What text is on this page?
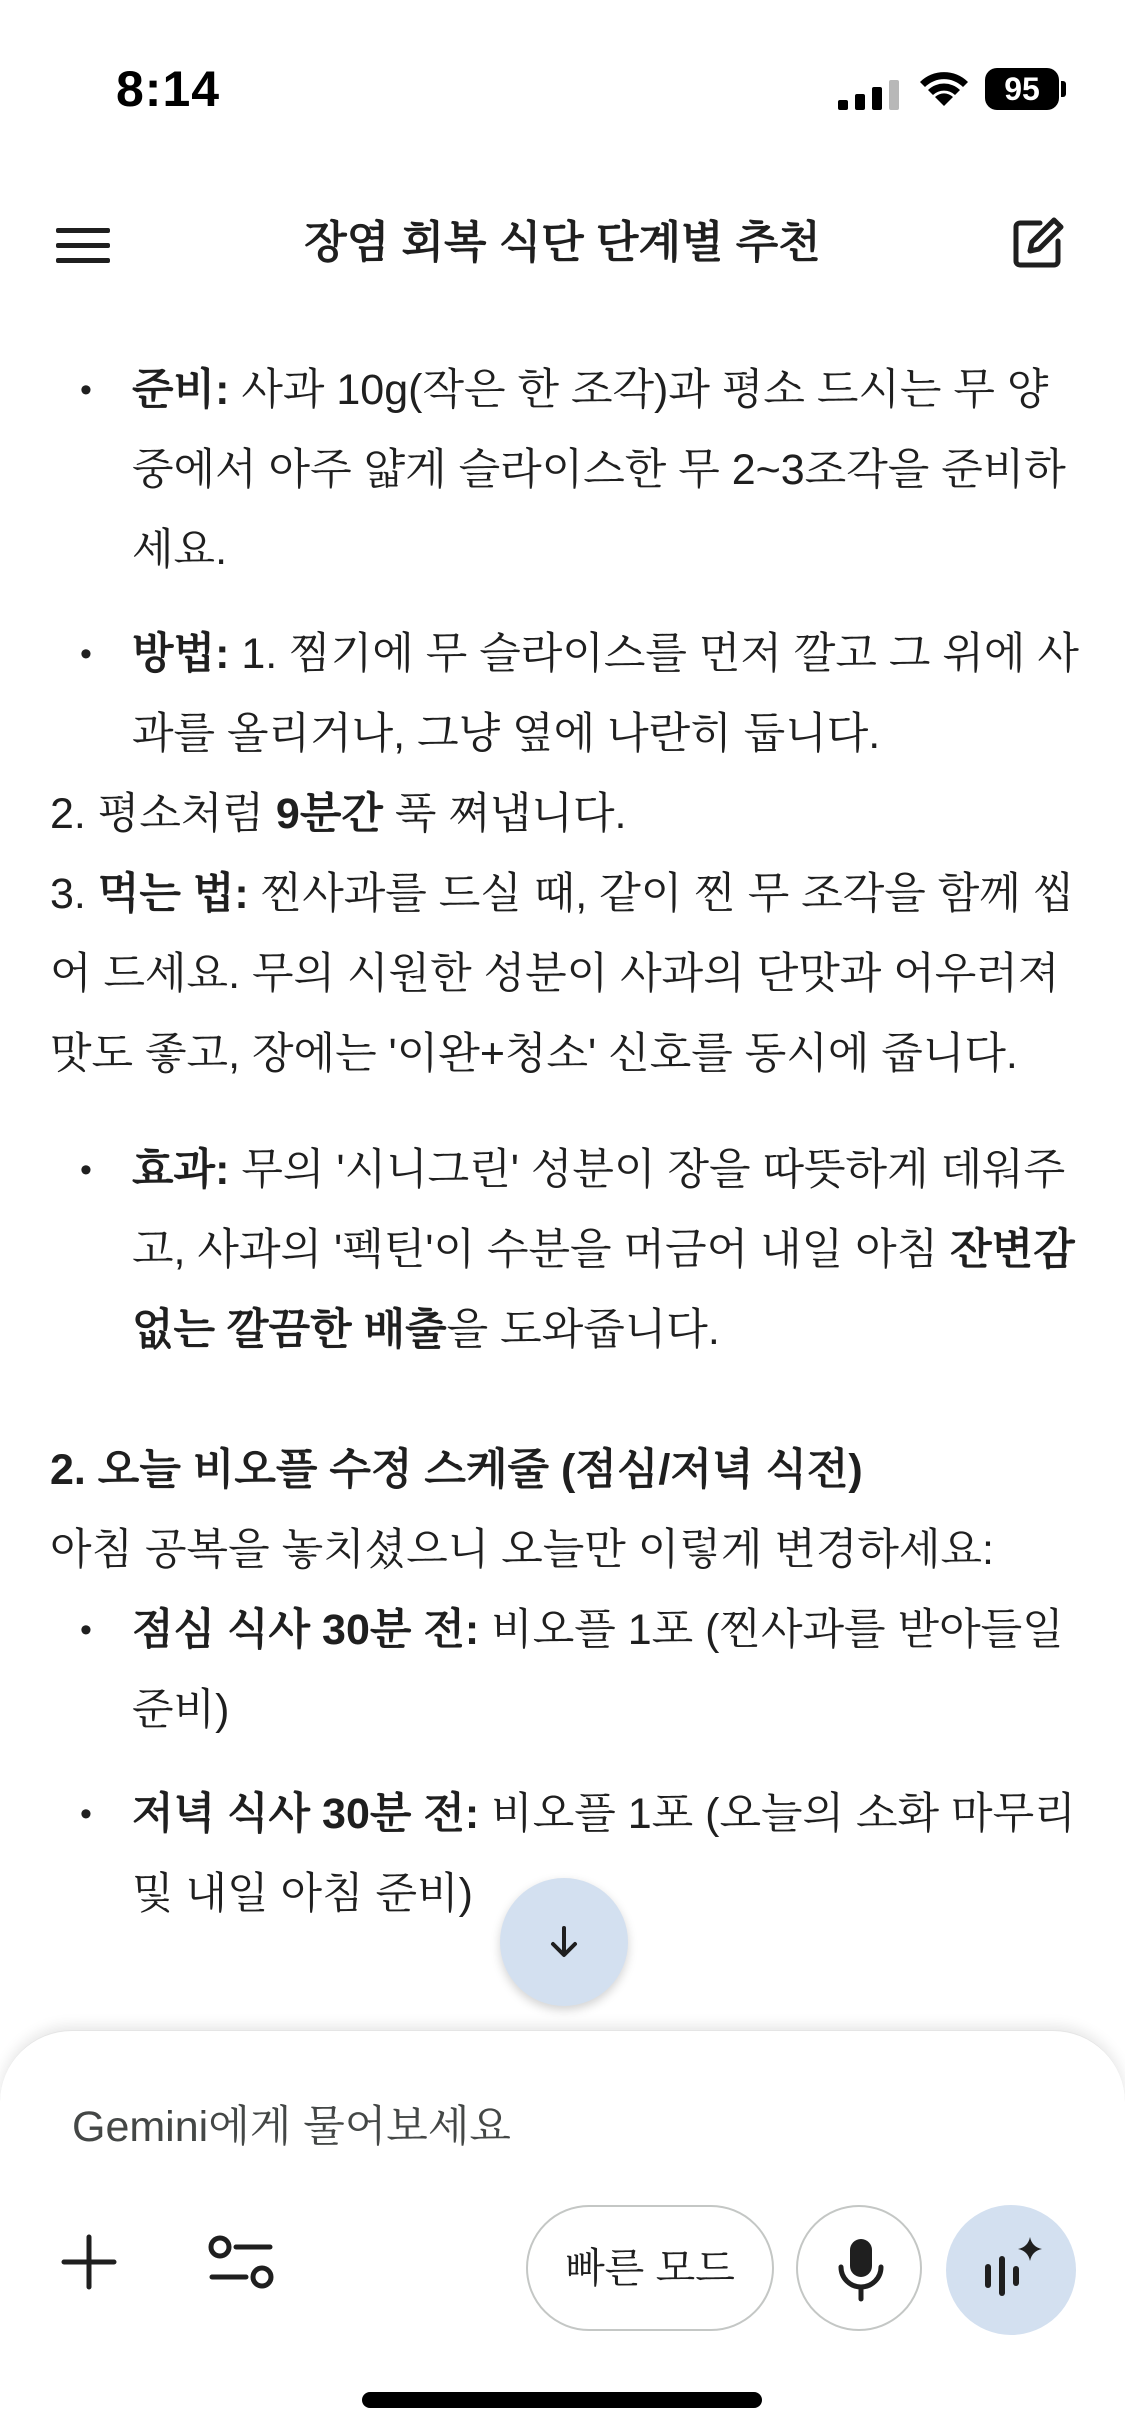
8:14	95
장염 회복 식단 단계별 추천
• 준비: 사과 10g(작은 한 조각)과 평소 드시는 무 양 중에서 아주 얇게 슬라이스한 무 2~3조각을 준비하세요.
• 방법: 1. 찜기에 무 슬라이스를 먼저 깔고 그 위에 사과를 올리거나, 그냥 옆에 나란히 둡니다.
2. 평소처럼 9분간 푹 쪄냅니다.
3. 먹는 법: 찐사과를 드실 때, 같이 찐 무 조각을 함께 씹어 드세요. 무의 시원한 성분이 사과의 단맛과 어우러져 맛도 좋고, 장에는 '이완+청소' 신호를 동시에 줍니다.
• 효과: 무의 '시니그린' 성분이 장을 따뜻하게 데워주고, 사과의 '펙틴'이 수분을 머금어 내일 아침 잔변감 없는 깔끔한 배출을 도와줍니다.
2. 오늘 비오플 수정 스케줄 (점심/저녁 식전)
아침 공복을 놓치셨으니 오늘만 이렇게 변경하세요:
• 점심 식사 30분 전: 비오플 1포 (찐사과를 받아들일 준비)
• 저녁 식사 30분 전: 비오플 1포 (오늘의 소화 마무리 및 내일 아침 준비)
Gemini에게 물어보세요
빠른 모드
